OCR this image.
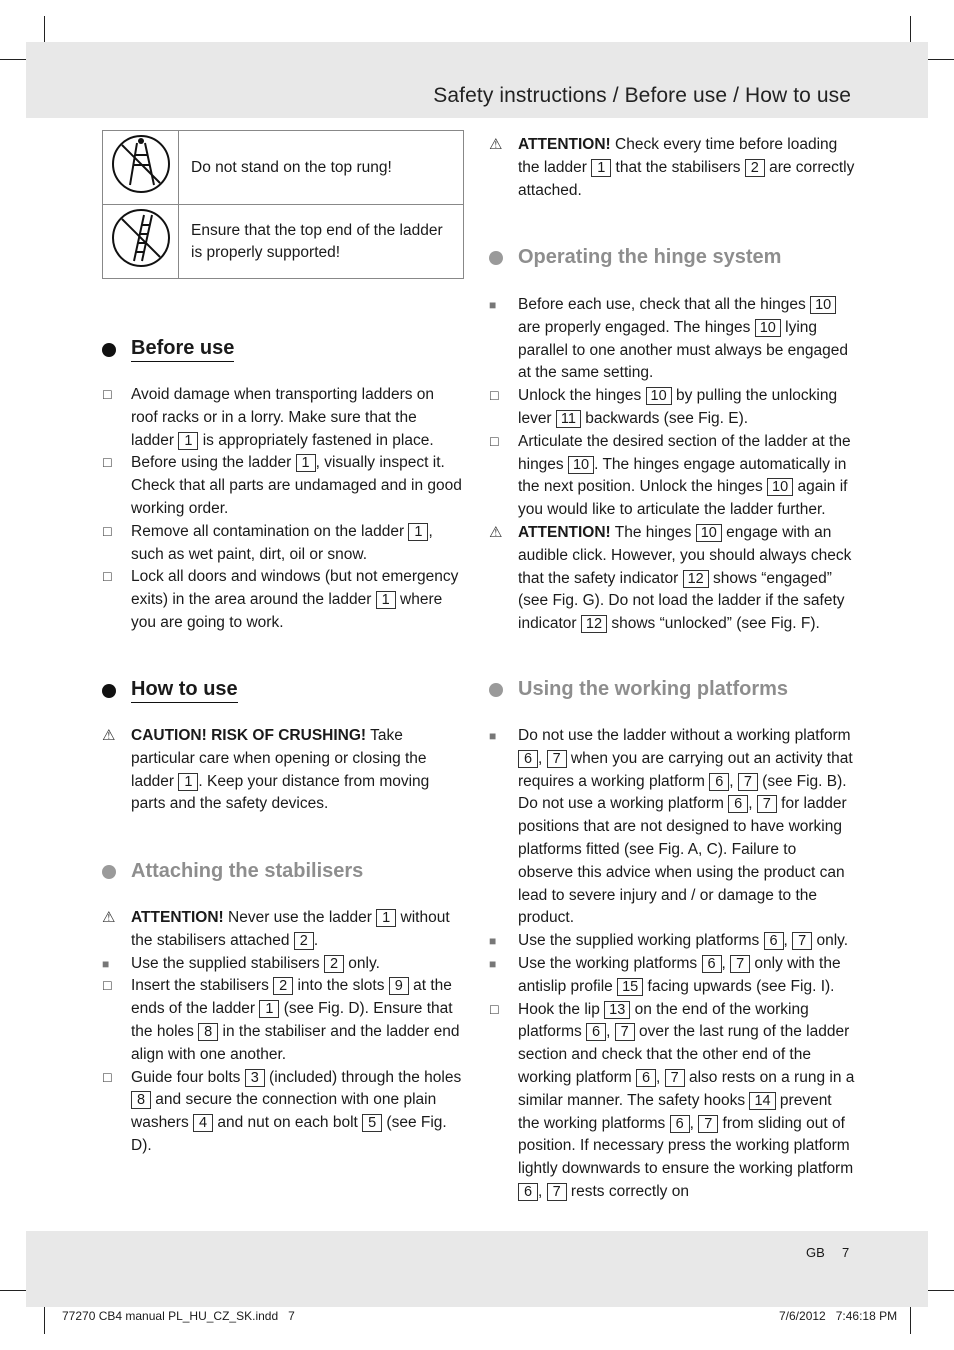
Safety instructions / Before use / How to use
	Do not stand on the top rung!
	Ensure that the top end of the ladder is properly supported!
Before use
☐	Avoid damage when transporting ladders on roof racks or in a lorry. Make sure that the ladder 1 is appropriately fastened in place.
☐	Before using the ladder 1 , visually inspect it. Check that all parts are undamaged and in good working order.
☐	Remove all contamination on the ladder 1 , such as wet paint, dirt, oil or snow.
☐	Lock all doors and windows (but not emergency exits) in the area around the ladder 1 where you are going to work.
How to use
⚠	CAUTION! RISK OF CRUSHING! Take particular care when opening or closing the ladder 1 . Keep your distance from moving parts and the safety devices.
Attaching the stabilisers
⚠	ATTENTION! Never use the ladder 1 without the stabilisers attached 2 .
■	Use the supplied stabilisers 2 only.
☐	Insert the stabilisers 2 into the slots 9 at the ends of the ladder 1 (see Fig. D). Ensure that the holes 8 in the stabiliser and the ladder end align with one another.
☐	Guide four bolts 3 (included) through the holes 8 and secure the connection with one plain washers 4 and nut on each bolt 5 (see Fig. D).
⚠	ATTENTION! Check every time before loading the ladder 1 that the stabilisers 2 are correctly attached.
Operating the hinge system
■	Before each use, check that all the hinges 10 are properly engaged. The hinges 10 lying parallel to one another must always be engaged at the same setting.
☐	Unlock the hinges 10 by pulling the unlocking lever 11 backwards (see Fig. E).
☐	Articulate the desired section of the ladder at the hinges 10 . The hinges engage automatically in the next position. Unlock the hinges 10 again if you would like to articulate the ladder further.
⚠	ATTENTION! The hinges 10 engage with an audible click. However, you should always check that the safety indicator 12 shows “engaged” (see Fig. G). Do not load the ladder if the safety indicator 12 shows “unlocked” (see Fig. F).
Using the working platforms
■	Do not use the ladder without a working platform 6 , 7 when you are carrying out an activity that requires a working platform 6 , 7 (see Fig. B). Do not use a working platform 6 , 7 for ladder positions that are not designed to have working platforms fitted (see Fig. A, C). Failure to observe this advice when using the product can lead to severe injury and / or damage to the product.
■	Use the supplied working platforms 6 , 7 only.
■	Use the working platforms 6 , 7 only with the antislip profile 15 facing upwards (see Fig. I).
☐	Hook the lip 13 on the end of the working platforms 6 , 7 over the last rung of the ladder section and check that the other end of the working platform 6 , 7 also rests on a rung in a similar manner. The safety hooks 14 prevent the working platforms 6 , 7 from sliding out of position. If necessary press the working platform lightly downwards to ensure the working platform 6 , 7 rests correctly on
GB 7
77270 CB4 manual PL_HU_CZ_SK.indd   7	7/6/2012   7:46:18 PM
